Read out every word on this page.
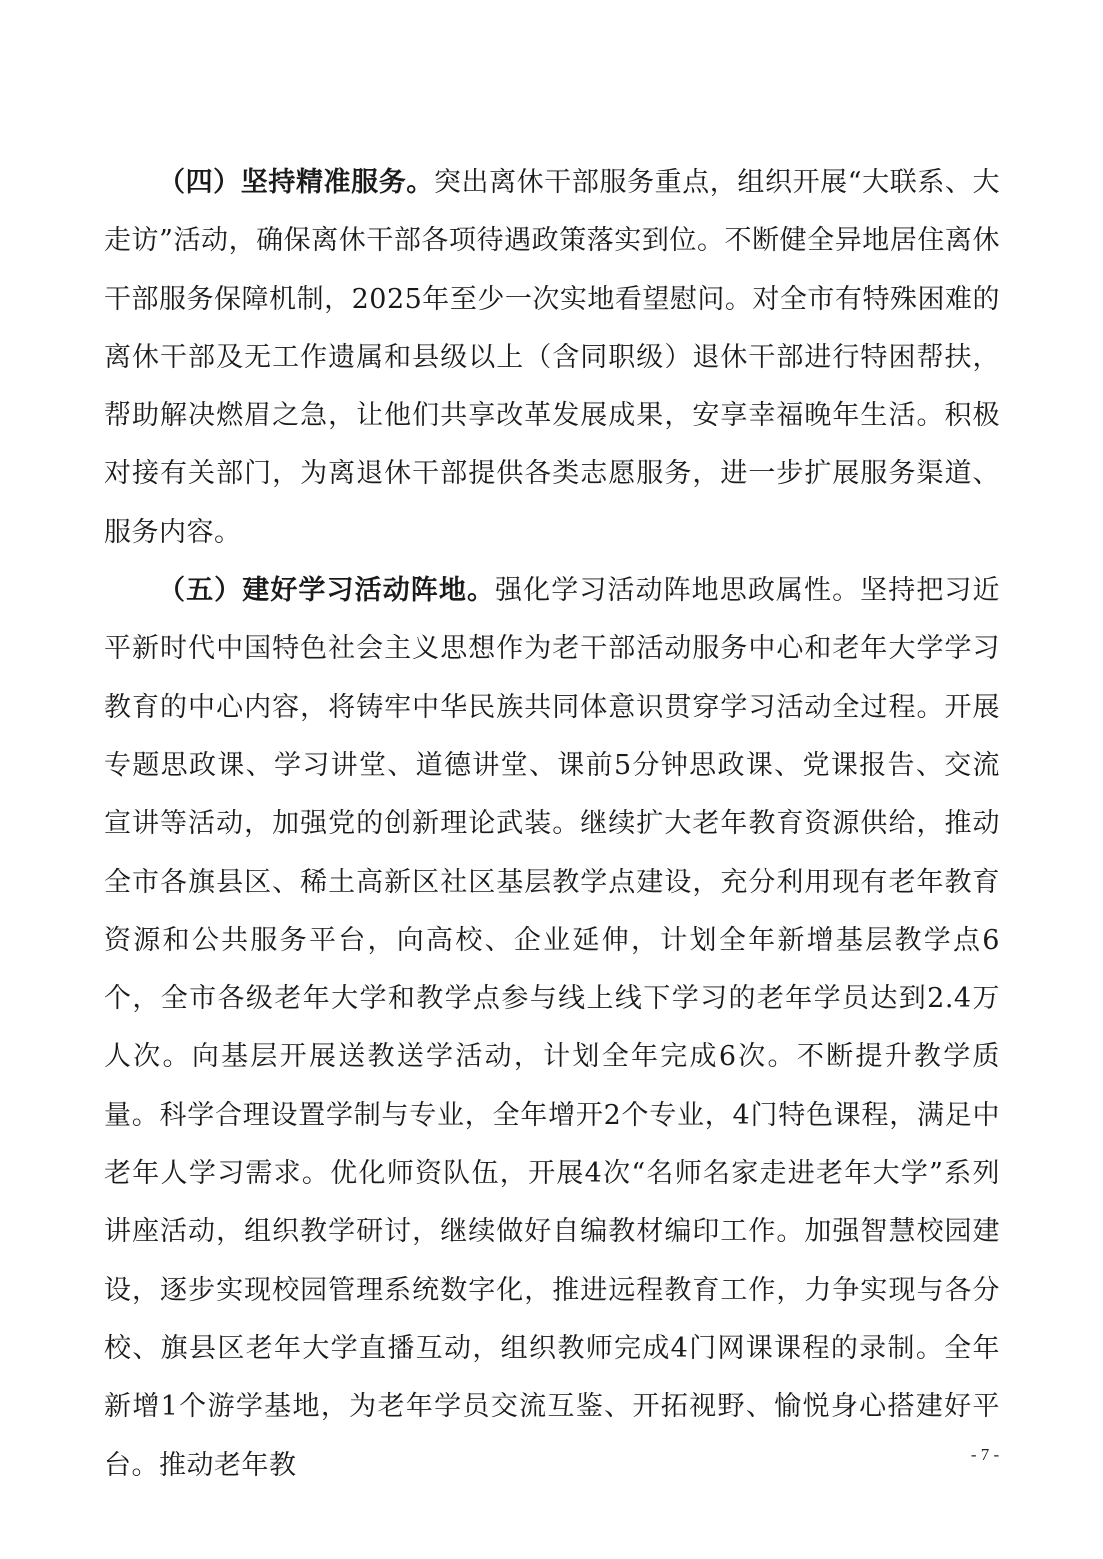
（四）坚持精准服务。突出离休干部服务重点，组织开展“大联系、大走访”活动，确保离休干部各项待遇政策落实到位。不断健全异地居住离休干部服务保障机制，2025年至少一次实地看望慰问。对全市有特殊困难的离休干部及无工作遗属和县级以上（含同职级）退休干部进行特困帮扶，帮助解决燃眉之急，让他们共享改革发展成果，安享幸福晚年生活。积极对接有关部门，为离退休干部提供各类志愿服务，进一步扩展服务渠道、服务内容。

（五）建好学习活动阵地。强化学习活动阵地思政属性。坚持把习近平新时代中国特色社会主义思想作为老干部活动服务中心和老年大学学习教育的中心内容，将铸牢中华民族共同体意识贯穿学习活动全过程。开展专题思政课、学习讲堂、道德讲堂、课前5分钟思政课、党课报告、交流宣讲等活动，加强党的创新理论武装。继续扩大老年教育资源供给，推动全市各旗县区、稀土高新区社区基层教学点建设，充分利用现有老年教育资源和公共服务平台，向高校、企业延伸，计划全年新增基层教学点6个，全市各级老年大学和教学点参与线上线下学习的老年学员达到2.4万人次。向基层开展送教送学活动，计划全年完成6次。不断提升教学质量。科学合理设置学制与专业，全年增开2个专业，4门特色课程，满足中老年人学习需求。优化师资队伍，开展4次“名师名家走进老年大学”系列讲座活动，组织教学研讨，继续做好自编教材编印工作。加强智慧校园建设，逐步实现校园管理系统数字化，推进远程教育工作，力争实现与各分校、旗县区老年大学直播互动，组织教师完成4门网课课程的录制。全年新增1个游学基地，为老年学员交流互鉴、开拓视野、愉悦身心搭建好平台。推动老年教	- 7 -
